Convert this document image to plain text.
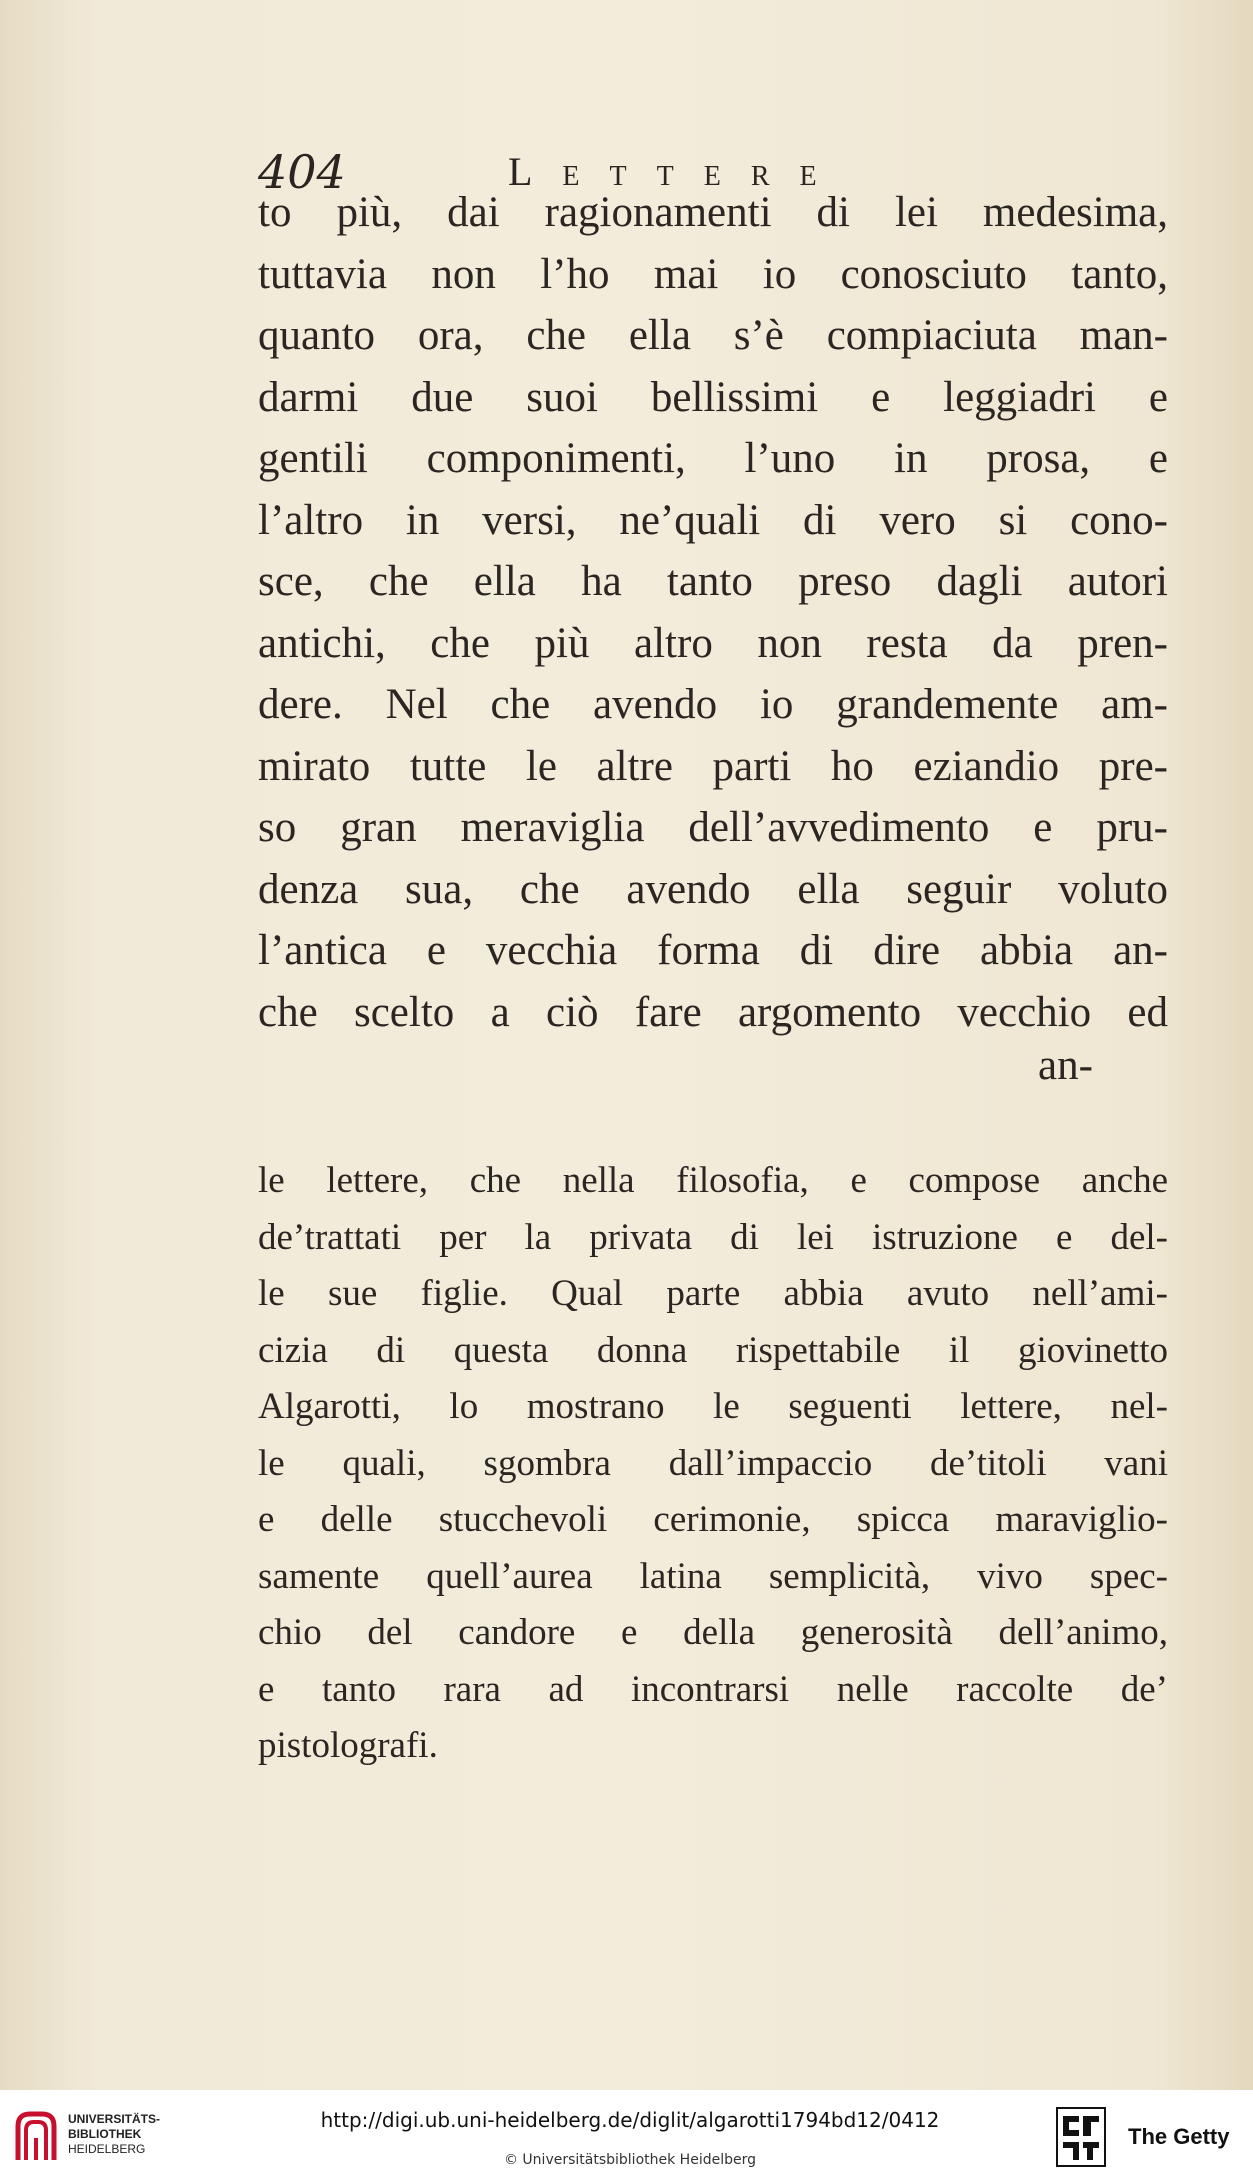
404	Lettere
to più, dai ragionamenti di lei medesima,
tuttavia non l’ho mai io conosciuto tanto,
quanto ora, che ella s’è compiaciuta man-
darmi due suoi bellissimi e leggiadri e
gentili componimenti, l’uno in prosa, e
l’altro in versi, ne’quali di vero si cono-
sce, che ella ha tanto preso dagli autori
antichi, che più altro non resta da pren-
dere. Nel che avendo io grandemente am-
mirato tutte le altre parti ho eziandio pre-
so gran meraviglia dell’avvedimento e pru-
denza sua, che avendo ella seguir voluto
l’antica e vecchia forma di dire abbia an-
che scelto a ciò fare argomento vecchio ed
an-
le lettere, che nella filosofia, e compose anche
de’trattati per la privata di lei istruzione e del-
le sue figlie. Qual parte abbia avuto nell’ami-
cizia di questa donna rispettabile il giovinetto
Algarotti, lo mostrano le seguenti lettere, nel-
le quali, sgombra dall’impaccio de’titoli vani
e delle stucchevoli cerimonie, spicca maraviglio-
samente quell’aurea latina semplicità, vivo spec-
chio del candore e della generosità dell’animo,
e tanto rara ad incontrarsi nelle raccolte de’
pistolografi.
UNIVERSITÄTS-
BIBLIOTHEK
HEIDELBERG
http://digi.ub.uni-heidelberg.de/diglit/algarotti1794bd12/0412
© Universitätsbibliothek Heidelberg
The Getty
